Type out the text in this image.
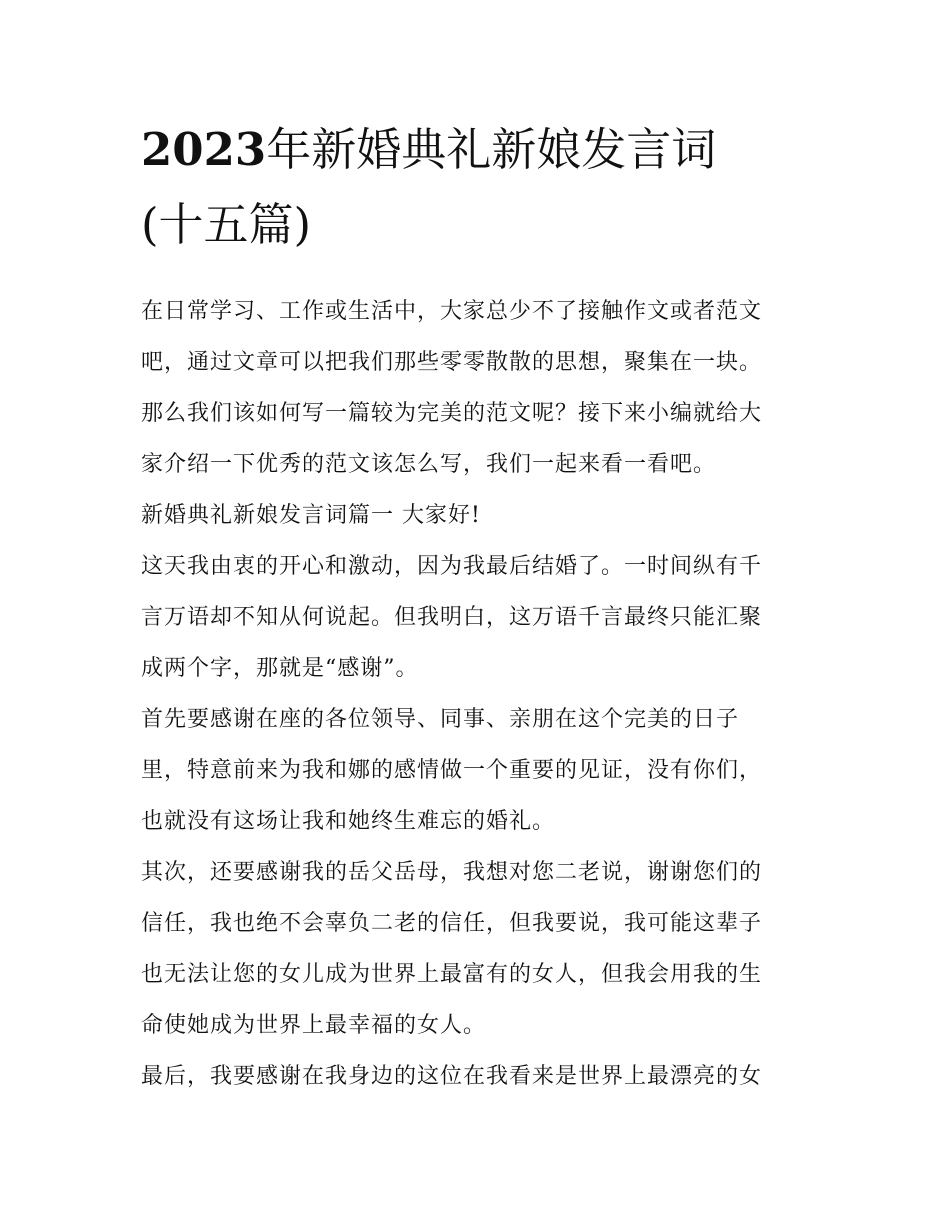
2023年新婚典礼新娘发言词
(十五篇)

在日常学习、工作或生活中，大家总少不了接触作文或者范文
吧，通过文章可以把我们那些零零散散的思想，聚集在一块。
那么我们该如何写一篇较为完美的范文呢？接下来小编就给大
家介绍一下优秀的范文该怎么写，我们一起来看一看吧。

新婚典礼新娘发言词篇一 大家好!

这天我由衷的开心和激动，因为我最后结婚了。一时间纵有千
言万语却不知从何说起。但我明白，这万语千言最终只能汇聚
成两个字，那就是“感谢”。

首先要感谢在座的各位领导、同事、亲朋在这个完美的日子
里，特意前来为我和娜的感情做一个重要的见证，没有你们，
也就没有这场让我和她终生难忘的婚礼。

其次，还要感谢我的岳父岳母，我想对您二老说，谢谢您们的
信任，我也绝不会辜负二老的信任，但我要说，我可能这辈子
也无法让您的女儿成为世界上最富有的女人，但我会用我的生
命使她成为世界上最幸福的女人。

最后，我要感谢在我身边的这位在我看来是世界上最漂亮的女
